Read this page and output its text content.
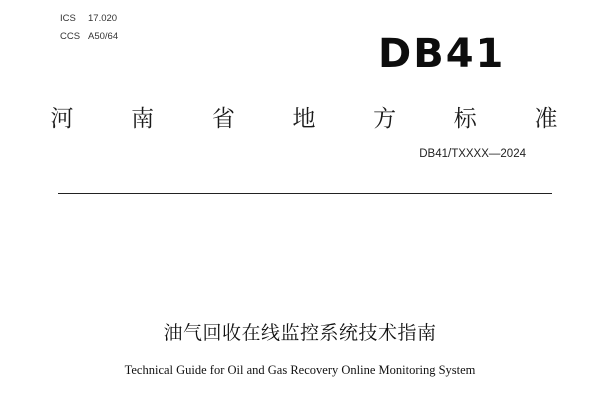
ICS 17.020
CCS A50/64	DB41
河	南	省	地	方	标	准
DB41/TXXXX—2024
油气回收在线监控系统技术指南
Technical Guide for Oil and Gas Recovery Online Monitoring System
